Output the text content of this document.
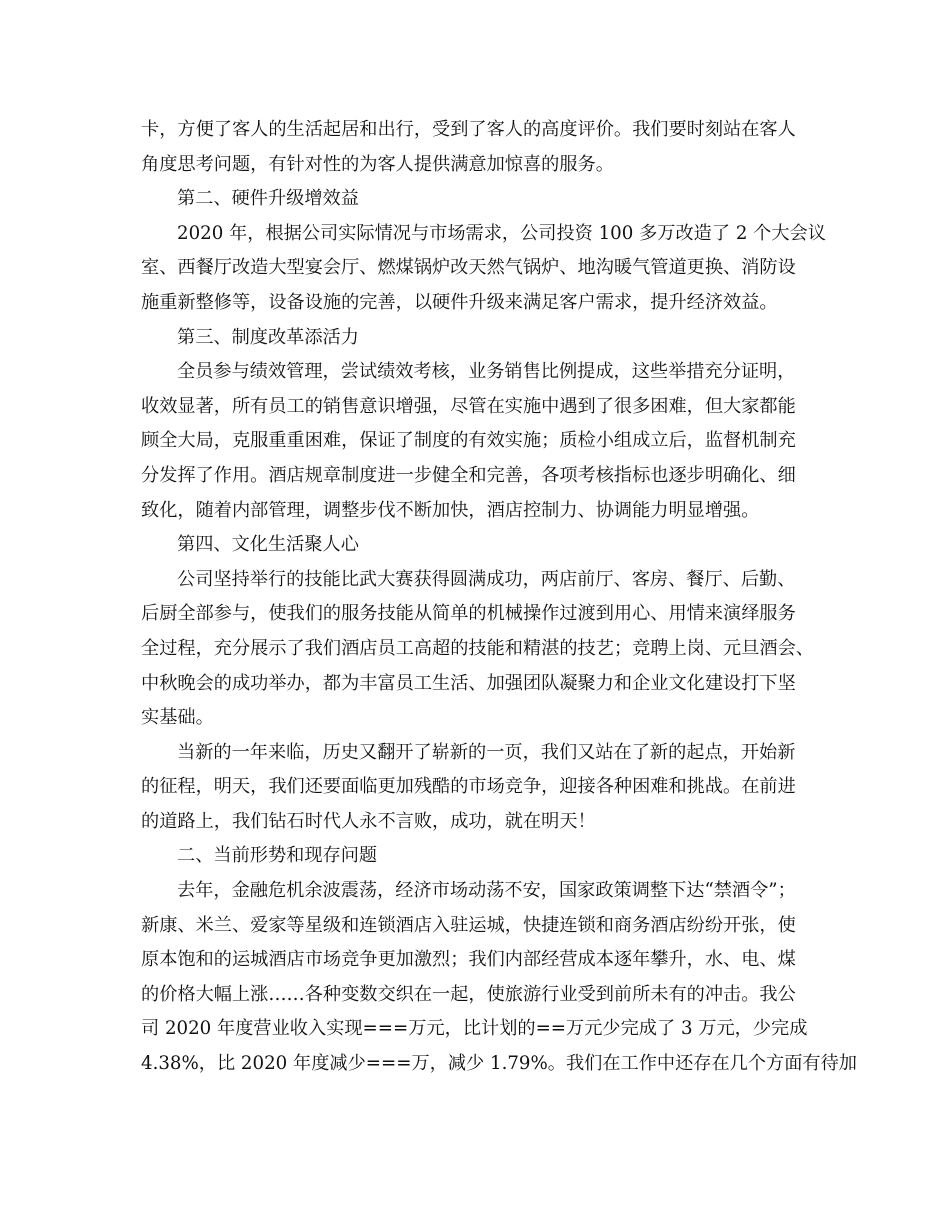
卡，方便了客人的生活起居和出行，受到了客人的高度评价。我们要时刻站在客人
角度思考问题，有针对性的为客人提供满意加惊喜的服务。
第二、硬件升级增效益
2020 年，根据公司实际情况与市场需求，公司投资 100 多万改造了 2 个大会议
室、西餐厅改造大型宴会厅、燃煤锅炉改天然气锅炉、地沟暖气管道更换、消防设
施重新整修等，设备设施的完善，以硬件升级来满足客户需求，提升经济效益。
第三、制度改革添活力
全员参与绩效管理，尝试绩效考核，业务销售比例提成，这些举措充分证明，
收效显著，所有员工的销售意识增强，尽管在实施中遇到了很多困难，但大家都能
顾全大局，克服重重困难，保证了制度的有效实施；质检小组成立后，监督机制充
分发挥了作用。酒店规章制度进一步健全和完善，各项考核指标也逐步明确化、细
致化，随着内部管理，调整步伐不断加快，酒店控制力、协调能力明显增强。
第四、文化生活聚人心
公司坚持举行的技能比武大赛获得圆满成功，两店前厅、客房、餐厅、后勤、
后厨全部参与，使我们的服务技能从简单的机械操作过渡到用心、用情来演绎服务
全过程，充分展示了我们酒店员工高超的技能和精湛的技艺；竞聘上岗、元旦酒会、
中秋晚会的成功举办，都为丰富员工生活、加强团队凝聚力和企业文化建设打下坚
实基础。
当新的一年来临，历史又翻开了崭新的一页，我们又站在了新的起点，开始新
的征程，明天，我们还要面临更加残酷的市场竞争，迎接各种困难和挑战。在前进
的道路上，我们钻石时代人永不言败，成功，就在明天！
二、当前形势和现存问题
去年，金融危机余波震荡，经济市场动荡不安，国家政策调整下达“禁酒令”；
新康、米兰、爱家等星级和连锁酒店入驻运城，快捷连锁和商务酒店纷纷开张，使
原本饱和的运城酒店市场竞争更加激烈；我们内部经营成本逐年攀升，水、电、煤
的价格大幅上涨……各种变数交织在一起，使旅游行业受到前所未有的冲击。我公
司 2020 年度营业收入实现===万元，比计划的==万元少完成了 3 万元，少完成
4.38%，比 2020 年度减少===万，减少 1.79%。我们在工作中还存在几个方面有待加
